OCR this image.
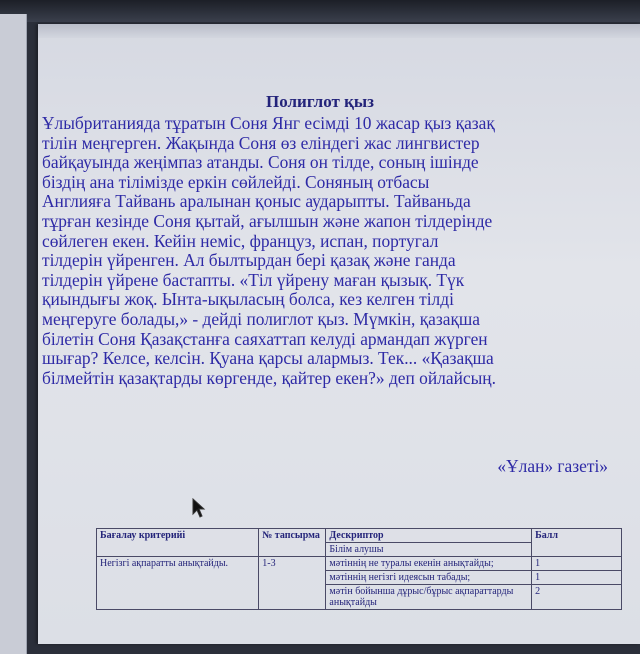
Полиглот қыз
Ұлыбританияда тұратын Соня Янг есімді 10 жасар қыз қазақ
тілін меңгерген. Жақында Соня өз еліндегі жас лингвистер
байқауында жеңімпаз атанды. Соня он тілде, соның ішінде
біздің ана тілімізде еркін сөйлейді. Соняның отбасы
Англияға Тайвань аралынан қоныс аударыпты. Тайваньда
тұрған кезінде Соня қытай, ағылшын және жапон тілдерінде
сөйлеген екен. Кейін неміс, француз, испан, португал
тілдерін үйренген. Ал былтырдан бері қазақ және ганда
тілдерін үйрене бастапты. «Тіл үйрену маған қызық. Түк
қиындығы жоқ. Ынта-ықыласың болса, кез келген тілді
меңгеруге болады,» - дейді полиглот қыз. Мүмкін, қазақша
білетін Соня Қазақстанға саяхаттап келуді армандап жүрген
шығар? Келсе, келсін. Қуана қарсы алармыз. Тек... «Қазақша
білмейтін қазақтарды көргенде, қайтер екен?» деп ойлайсың.
«Ұлан» газеті»
Бағалау критерийі	№ тапсырма	Дескриптор	Балл
		Білім алушы	
Негізгі ақпаратты анықтайды.	1-3	мәтіннің не туралы екенін анықтайды;	1
		мәтіннің негізгі идеясын табады;	1
		мәтін бойынша дұрыс/бұрыс ақпараттарды анықтайды	2
